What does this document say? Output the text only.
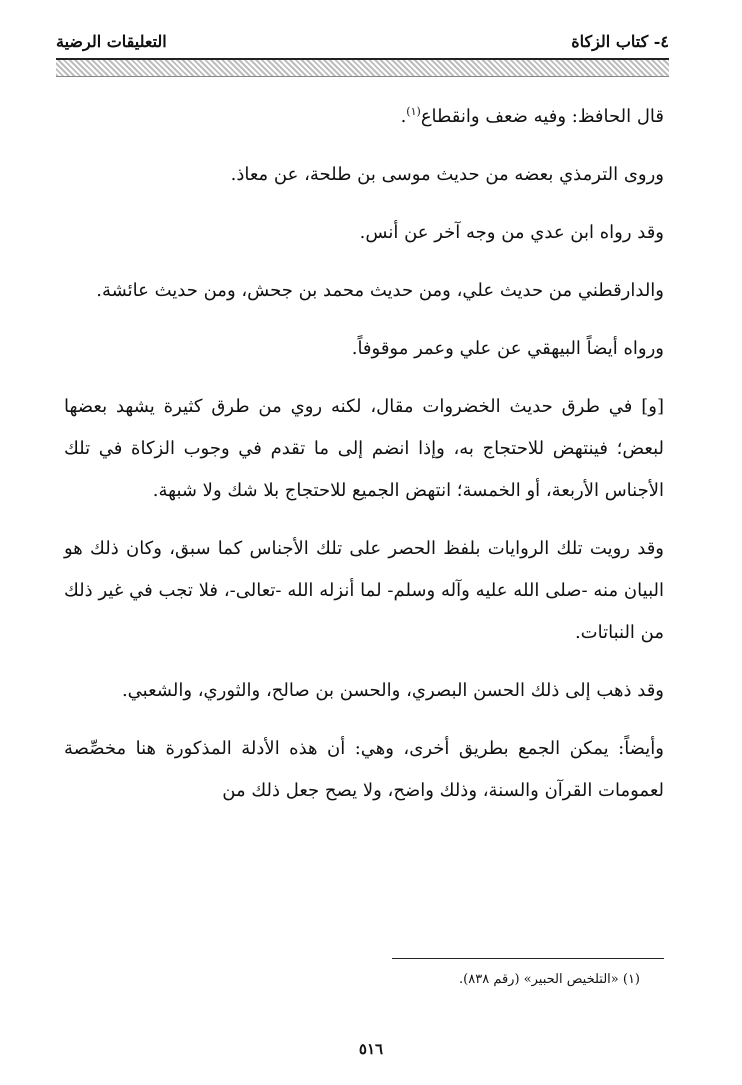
٤- كتاب الزكاة
التعليقات الرضية

قال الحافظ: وفيه ضعف وانقطاع$^{(١)}$.

وروى الترمذي بعضه من حديث موسى بن طلحة، عن معاذ.

وقد رواه ابن عدي من وجه آخر عن أنس.

والدارقطني من حديث علي، ومن حديث محمد بن جحش، ومن حديث عائشة.

ورواه أيضاً البيهقي عن علي وعمر موقوفاً.

[و] في طرق حديث الخضروات مقال، لكنه روي من طرق كثيرة يشهد بعضها لبعض؛ فينتهض للاحتجاج به، وإذا انضم إلى ما تقدم في وجوب الزكاة في تلك الأجناس الأربعة، أو الخمسة؛ انتهض الجميع للاحتجاج بلا شك ولا شبهة.

وقد رويت تلك الروايات بلفظ الحصر على تلك الأجناس كما سبق، وكان ذلك هو البيان منه -صلى الله عليه وآله وسلم- لما أنزله الله -تعالى-، فلا تجب في غير ذلك من النباتات.

وقد ذهب إلى ذلك الحسن البصري، والحسن بن صالح، والثوري، والشعبي.

وأيضاً: يمكن الجمع بطريق أخرى، وهي: أن هذه الأدلة المذكورة هنا مخصِّصة لعمومات القرآن والسنة، وذلك واضح، ولا يصح جعل ذلك من

(١) «التلخيص الحبير» (رقم ٨٣٨).
٥١٦
